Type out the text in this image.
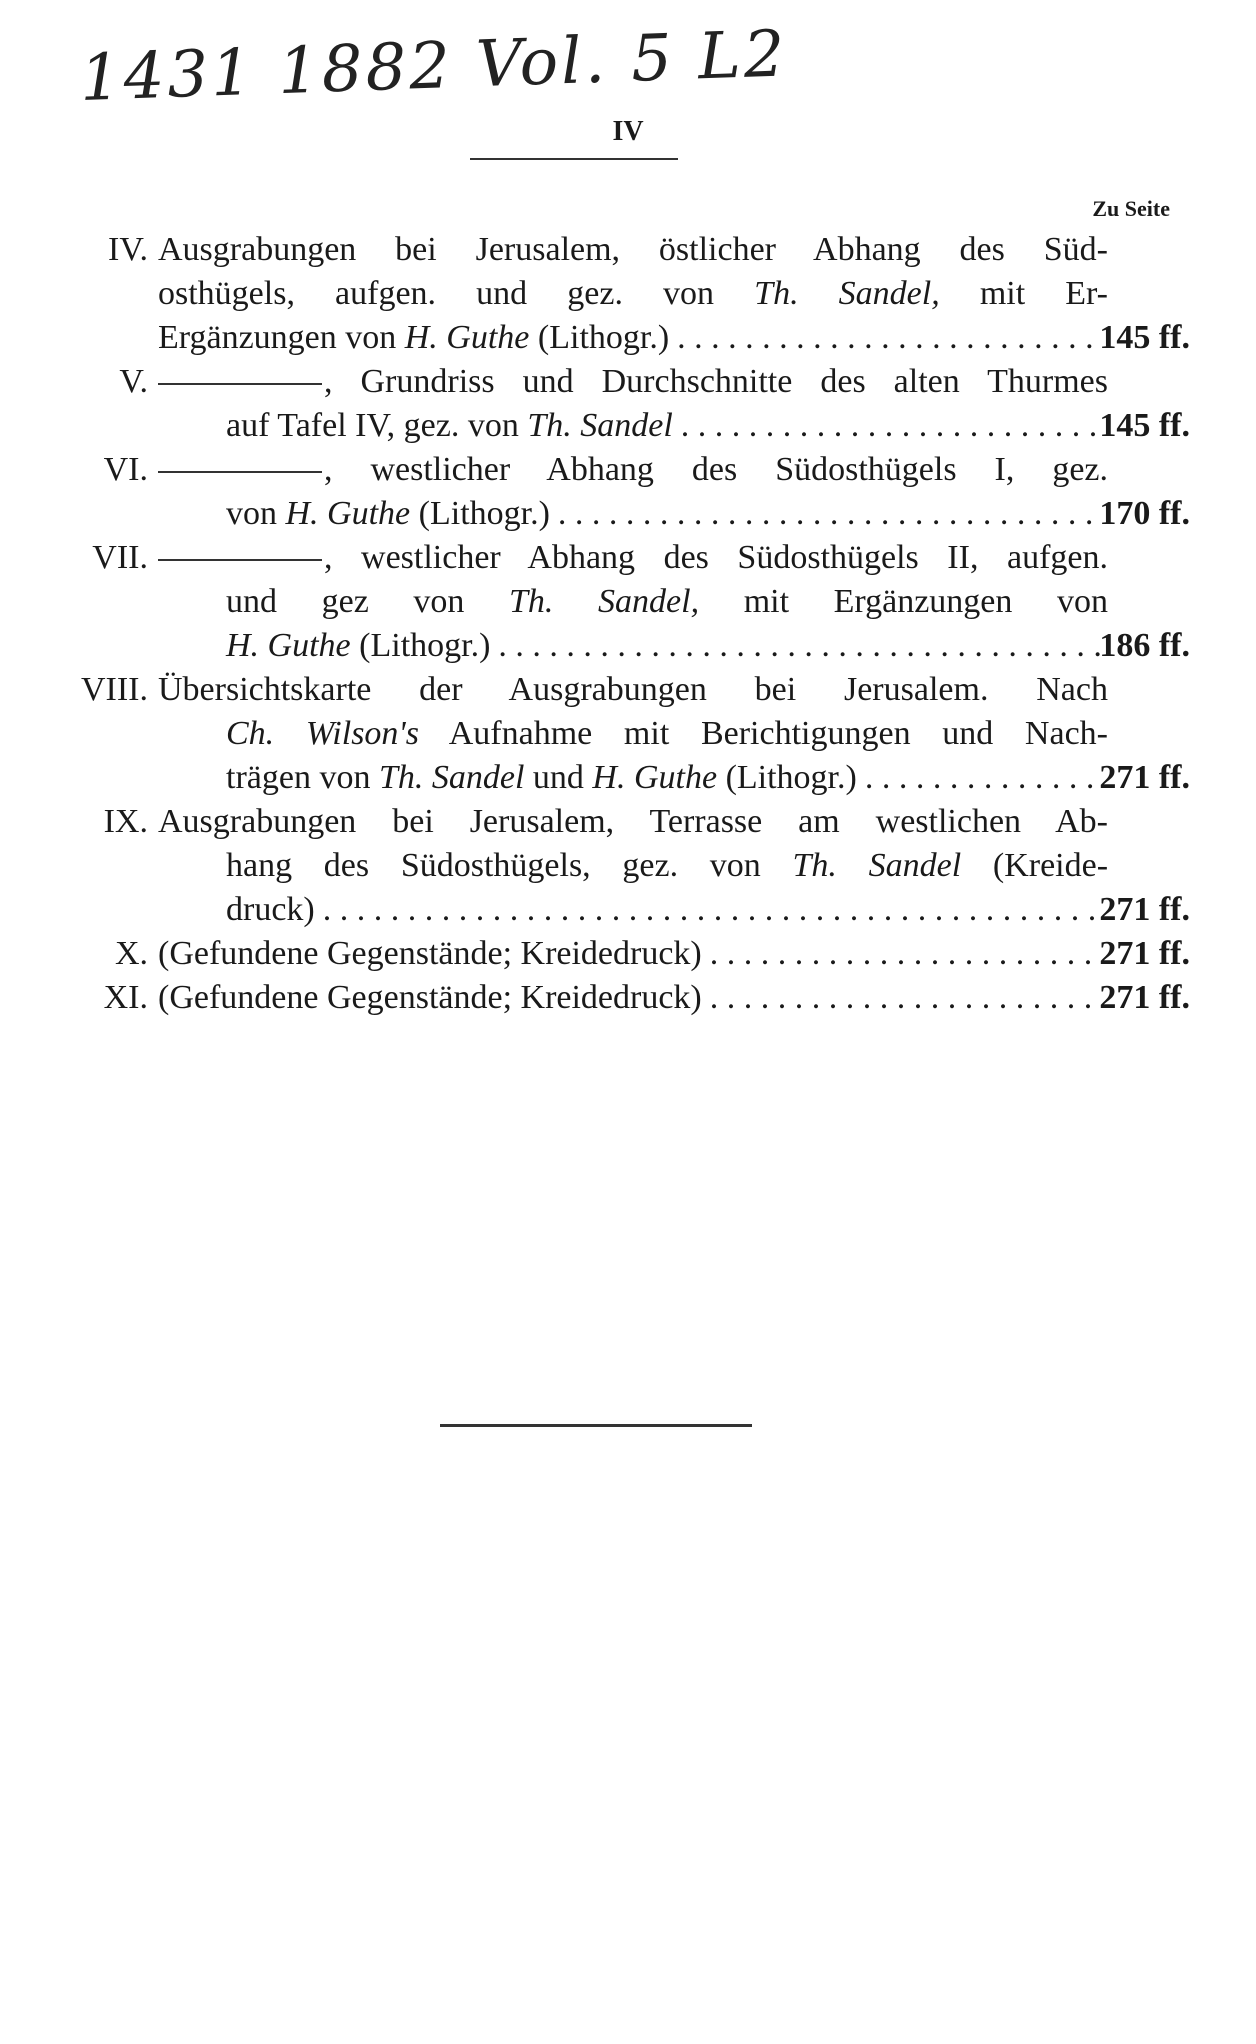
1431 1882 Vol. 5 L2
IV
Zu Seite
IV. Ausgrabungen bei Jerusalem, östlicher Abhang des Süd-
osthügels, aufgen. und gez. von Th. Sandel, mit Er-
Ergänzungen von
H. Guthe
(Lithogr.) . . .	145 ff.
V.	, Grundriss und Durchschnitte des alten Thurmes
auf Tafel IV, gez. von
Th. Sandel . . .	145 ff.
VI.	, westlicher Abhang des Südosthügels I, gez.
von
H. Guthe
(Lithogr.) . . .	170 ff.
VII.	, westlicher Abhang des Südosthügels II, aufgen.
und gez von Th. Sandel, mit Ergänzungen von
H. Guthe
(Lithogr.) . . .	186 ff.
VIII. Übersichtskarte der Ausgrabungen bei Jerusalem. Nach
Ch. Wilson's Aufnahme mit Berichtigungen und Nach-
trägen von
Th. Sandel
und
H. Guthe
(Lithogr.) . . .	271 ff.
IX. Ausgrabungen bei Jerusalem, Terrasse am westlichen Ab-
hang des Südosthügels, gez. von Th. Sandel (Kreide-
druck) . . .	271 ff.
X. (Gefundene Gegenstände; Kreidedruck) . . .	271 ff.
XI. (Gefundene Gegenstände; Kreidedruck) . . .	271 ff.
